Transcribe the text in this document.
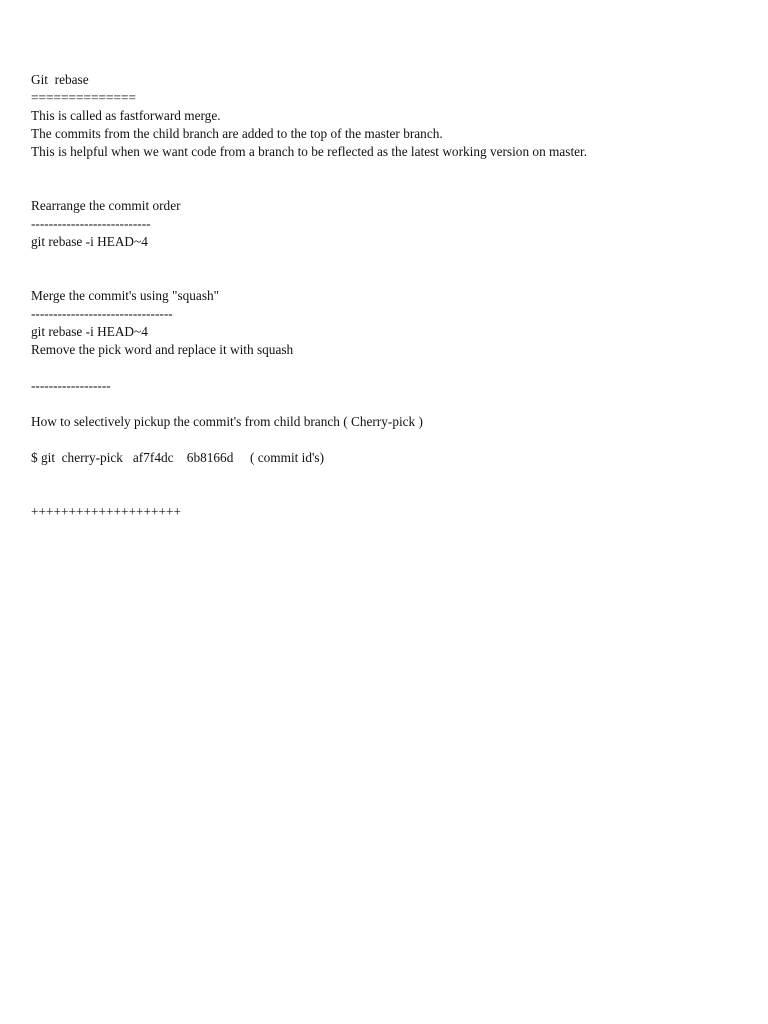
Git  rebase
==============
This is called as fastforward merge.
The commits from the child branch are added to the top of the master branch.
This is helpful when we want code from a branch to be reflected as the latest working version on master.
Rearrange the commit order
---------------------------
git rebase -i HEAD~4
Merge the commit's using "squash"
--------------------------------
git rebase -i HEAD~4
Remove the pick word and replace it with squash
------------------
How to selectively pickup the commit's from child branch ( Cherry-pick )
$ git  cherry-pick   af7f4dc    6b8166d     ( commit id's)
++++++++++++++++++++
